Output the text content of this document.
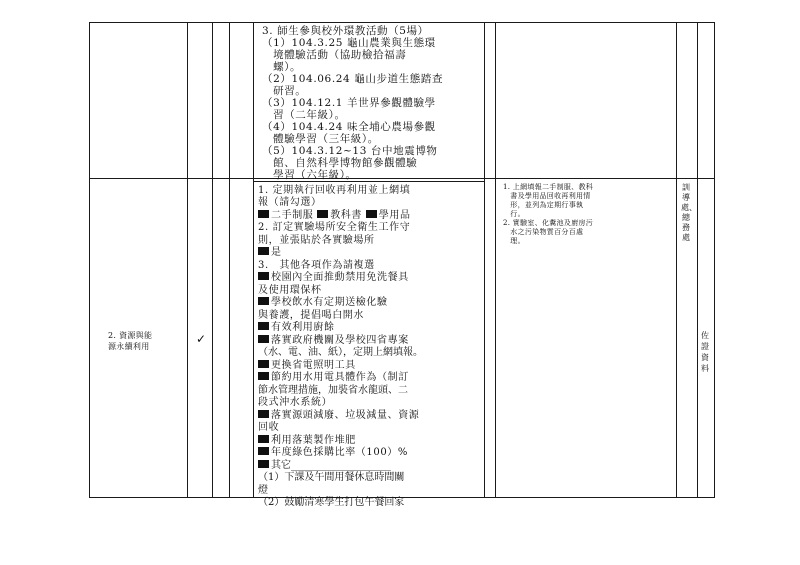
3. 師生參與校外環教活動（5場）
（1）104.3.25 龜山農業與生態環
　境體驗活動（協助檢拾福壽
　螺）。
（2）104.06.24 龜山步道生態踏查
　研習。
（3）104.12.1 羊世界參觀體驗學
　習（二年級）。
（4）104.4.24 味全埔心農場參觀
　體驗學習（三年級）。
（5）104.3.12~13 台中地震博物
　館、自然科學博物館參觀體驗
　學習（六年級）。
2. 資源與能
源永續利用
✓
1. 定期執行回收再利用並上網填
報（請勾選）
二手制服 教科書 學用品
2. 訂定實驗場所安全衛生工作守
則，並張貼於各實驗場所
是
3.　其他各項作為請複選
校園內全面推動禁用免洗餐具
及使用環保杯
學校飲水有定期送檢化驗
與養護，提倡喝白開水
有效利用廚餘
落實政府機關及學校四省專案
（水、電、油、紙），定期上網填報。
更換省電照明工具
節約用水用電具體作為（制訂
節水管理措施，加裝省水龍頭、二
段式沖水系統）
落實源頭減廢、垃圾減量、資源
回收
利用落葉製作堆肥
年度綠色採購比率（100）%
其它____________________
（1）下課及午間用餐休息時間關
燈
（2）鼓勵清寒學生打包午餐回家
1. 上網填報二手制服、教科
　書及學用品回收再利用情
　形，並列為定期行事執
　行。
2. 實驗室、化糞池及廚房污
　水之污染物質百分百處
　理。
訓導處、總務處
佐證資料
